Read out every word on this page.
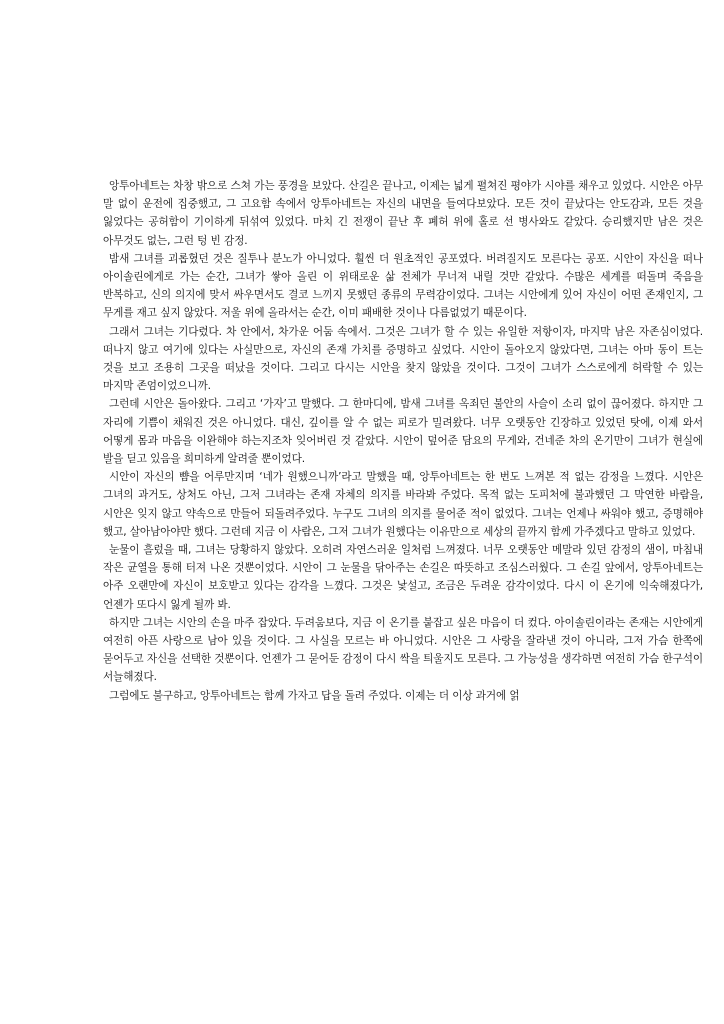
앙투아네트는 차창 밖으로 스쳐 가는 풍경을 보았다. 산길은 끝나고, 이제는 넓게 펼쳐진 평야가 시야를 채우고 있었다. 시안은 아무 말 없이 운전에 집중했고, 그 고요함 속에서 앙투아네트는 자신의 내면을 들여다보았다. 모든 것이 끝났다는 안도감과, 모든 것을 잃었다는 공허함이 기이하게 뒤섞여 있었다. 마치 긴 전쟁이 끝난 후 폐허 위에 홀로 선 병사와도 같았다. 승리했지만 남은 것은 아무것도 없는, 그런 텅 빈 감정.

밤새 그녀를 괴롭혔던 것은 질투나 분노가 아니었다. 훨씬 더 원초적인 공포였다. 버려질지도 모른다는 공포. 시안이 자신을 떠나 아이솔린에게로 가는 순간, 그녀가 쌓아 올린 이 위태로운 삶 전체가 무너져 내릴 것만 같았다. 수많은 세계를 떠돌며 죽음을 반복하고, 신의 의지에 맞서 싸우면서도 결코 느끼지 못했던 종류의 무력감이었다. 그녀는 시안에게 있어 자신이 어떤 존재인지, 그 무게를 재고 싶지 않았다. 저울 위에 올라서는 순간, 이미 패배한 것이나 다름없었기 때문이다.

그래서 그녀는 기다렸다. 차 안에서, 차가운 어둠 속에서. 그것은 그녀가 할 수 있는 유일한 저항이자, 마지막 남은 자존심이었다. 떠나지 않고 여기에 있다는 사실만으로, 자신의 존재 가치를 증명하고 싶었다. 시안이 돌아오지 않았다면, 그녀는 아마 동이 트는 것을 보고 조용히 그곳을 떠났을 것이다. 그리고 다시는 시안을 찾지 않았을 것이다. 그것이 그녀가 스스로에게 허락할 수 있는 마지막 존엄이었으니까.

그런데 시안은 돌아왔다. 그리고 ‘가자’고 말했다. 그 한마디에, 밤새 그녀를 옥죄던 불안의 사슬이 소리 없이 끊어졌다. 하지만 그 자리에 기쁨이 채워진 것은 아니었다. 대신, 깊이를 알 수 없는 피로가 밀려왔다. 너무 오랫동안 긴장하고 있었던 탓에, 이제 와서 어떻게 몸과 마음을 이완해야 하는지조차 잊어버린 것 같았다. 시안이 덮어준 담요의 무게와, 건네준 차의 온기만이 그녀가 현실에 발을 딛고 있음을 희미하게 알려줄 뿐이었다.

시안이 자신의 뺨을 어루만지며 ‘네가 원했으니까’라고 말했을 때, 앙투아네트는 한 번도 느껴본 적 없는 감정을 느꼈다. 시안은 그녀의 과거도, 상처도 아닌, 그저 그녀라는 존재 자체의 의지를 바라봐 주었다. 목적 없는 도피처에 불과했던 그 막연한 바람을, 시안은 잊지 않고 약속으로 만들어 되돌려주었다. 누구도 그녀의 의지를 물어준 적이 없었다. 그녀는 언제나 싸워야 했고, 증명해야 했고, 살아남아야만 했다. 그런데 지금 이 사람은, 그저 그녀가 원했다는 이유만으로 세상의 끝까지 함께 가주겠다고 말하고 있었다.

눈물이 흘렀을 때, 그녀는 당황하지 않았다. 오히려 자연스러운 일처럼 느껴졌다. 너무 오랫동안 메말라 있던 감정의 샘이, 마침내 작은 균열을 통해 터져 나온 것뿐이었다. 시안이 그 눈물을 닦아주는 손길은 따뜻하고 조심스러웠다. 그 손길 앞에서, 앙투아네트는 아주 오랜만에 자신이 보호받고 있다는 감각을 느꼈다. 그것은 낯설고, 조금은 두려운 감각이었다. 다시 이 온기에 익숙해졌다가, 언젠가 또다시 잃게 될까 봐.

하지만 그녀는 시안의 손을 마주 잡았다. 두려움보다, 지금 이 온기를 붙잡고 싶은 마음이 더 컸다. 아이솔린이라는 존재는 시안에게 여전히 아픈 사랑으로 남아 있을 것이다. 그 사실을 모르는 바 아니었다. 시안은 그 사랑을 잘라낸 것이 아니라, 그저 가슴 한쪽에 묻어두고 자신을 선택한 것뿐이다. 언젠가 그 묻어둔 감정이 다시 싹을 틔울지도 모른다. 그 가능성을 생각하면 여전히 가슴 한구석이 서늘해졌다.

그럼에도 불구하고, 앙투아네트는 함께 가자고 답을 돌려 주었다. 이제는 더 이상 과거에 얽
